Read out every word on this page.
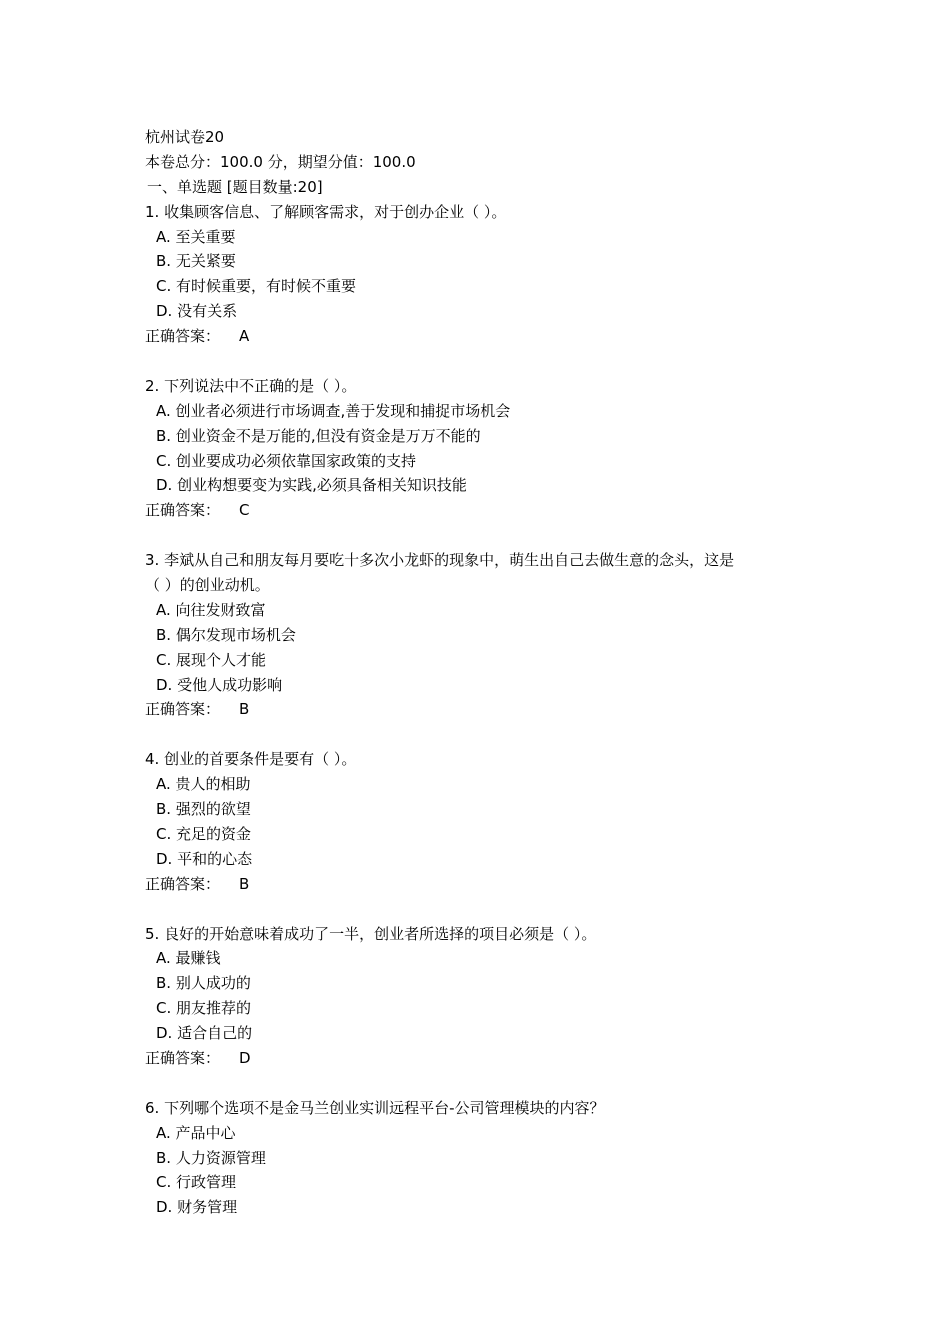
杭州试卷20
本卷总分：100.0 分，期望分值：100.0
一、单选题 [题目数量:20]
1. 收集顾客信息、了解顾客需求，对于创办企业（ ）。
A. 至关重要
B. 无关紧要
C. 有时候重要，有时候不重要
D. 没有关系
正确答案： A
2. 下列说法中不正确的是（ ）。
A. 创业者必须进行市场调查,善于发现和捕捉市场机会
B. 创业资金不是万能的,但没有资金是万万不能的
C. 创业要成功必须依靠国家政策的支持
D. 创业构想要变为实践,必须具备相关知识技能
正确答案： C
3. 李斌从自己和朋友每月要吃十多次小龙虾的现象中，萌生出自己去做生意的念头，这是
（ ）的创业动机。
A. 向往发财致富
B. 偶尔发现市场机会
C. 展现个人才能
D. 受他人成功影响
正确答案： B
4. 创业的首要条件是要有（ ）。
A. 贵人的相助
B. 强烈的欲望
C. 充足的资金
D. 平和的心态
正确答案： B
5. 良好的开始意味着成功了一半，创业者所选择的项目必须是（ ）。
A. 最赚钱
B. 别人成功的
C. 朋友推荐的
D. 适合自己的
正确答案： D
6. 下列哪个选项不是金马兰创业实训远程平台-公司管理模块的内容？
A. 产品中心
B. 人力资源管理
C. 行政管理
D. 财务管理
